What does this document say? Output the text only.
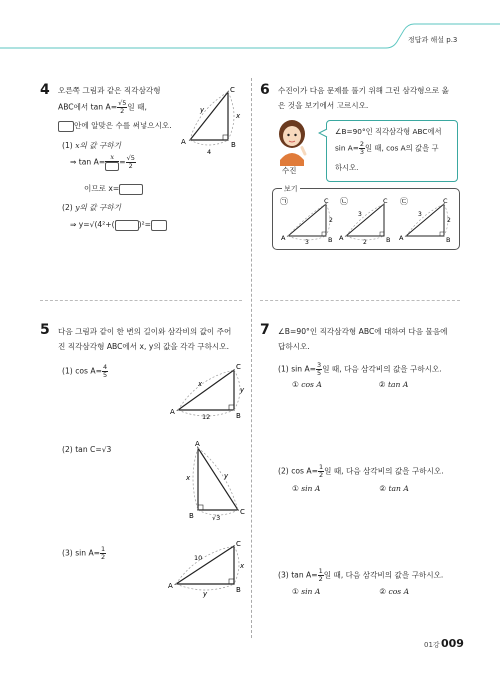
정답과 해설 p.3
4 오른쪽 그림과 같은 직각삼각형
ABC에서 $\tan A= \frac{√5}{2}$ 일 때,
안에 알맞은 수를 써넣으시오.
(1) x의 값 구하기
⇒ tan A=
x
= $\frac{√5}{2}$
이므로 x=
(2) y의 값 구하기
⇒ y=√(4²+(	)²=
A	B
C
y
x
4
5 다음 그림과 같이 한 변의 길이와 삼각비의 값이 주어
진 직각삼각형 ABC에서 x, y의 값을 각각 구하시오.
(1) $\cos A= \frac{4}{5}$
A	B
C
x
y
12
(2) tan C=√3
A
B	C
x	y
√3
(3) $\sin A= \frac{1}{2}$
A	B
C
10
x
y
6 수진이가 다음 문제를 풀기 위해 그린 삼각형으로 옳
은 것을 보기에서 고르시오.
수진
∠B=90°인 직각삼각형 ABC에서
$\sin A= \frac{2}{3}$ 일 때, cos A의 값을 구
하시오.
보기
㉠
A	B
C
2
3
㉡
A	B
C
3
2
㉢
A	B
C
3
2
7 ∠B=90°인 직각삼각형 ABC에 대하여 다음 물음에
답하시오.
(1) $\sin A= \frac{3}{5}$ 일 때, 다음 삼각비의 값을 구하시오.
① cos A	② tan A
(2) $\cos A= \frac{1}{2}$ 일 때, 다음 삼각비의 값을 구하시오.
① sin A	② tan A
(3) $\tan A= \frac{1}{2}$ 일 때, 다음 삼각비의 값을 구하시오.
① sin A	② cos A
01강 009
